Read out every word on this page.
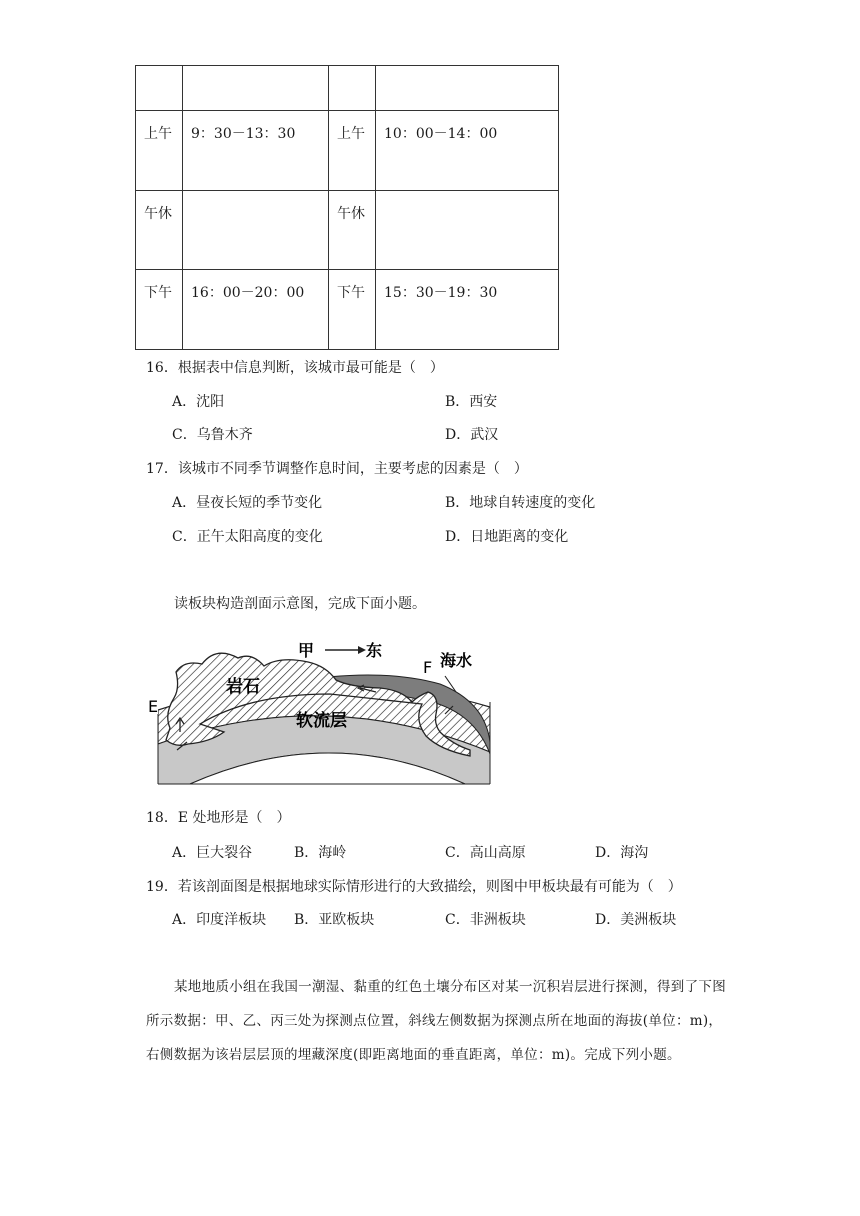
上午	9：30－13：30	上午	10：00－14：00
午休		午休	
下午	16：00－20：00	下午	15：30－19：30
16．根据表中信息判断，该城市最可能是（　）
A．沈阳	B．西安
C．乌鲁木齐	D．武汉
17．该城市不同季节调整作息时间，主要考虑的因素是（　）
A．昼夜长短的季节变化	B．地球自转速度的变化
C．正午太阳高度的变化	D．日地距离的变化
读板块构造剖面示意图，完成下面小题。
甲	东
F 海水
岩石
E
软流层
18．E 处地形是（　）
A．巨大裂谷	B．海岭	C．高山高原	D．海沟
19．若该剖面图是根据地球实际情形进行的大致描绘，则图中甲板块最有可能为（　）
A．印度洋板块 B．亚欧板块	C．非洲板块	D．美洲板块
某地地质小组在我国一潮湿、黏重的红色土壤分布区对某一沉积岩层进行探测，得到了下图所示数据：甲、乙、丙三处为探测点位置，斜线左侧数据为探测点所在地面的海拔(单位：m)，右侧数据为该岩层层顶的埋藏深度(即距离地面的垂直距离，单位：m)。完成下列小题。
